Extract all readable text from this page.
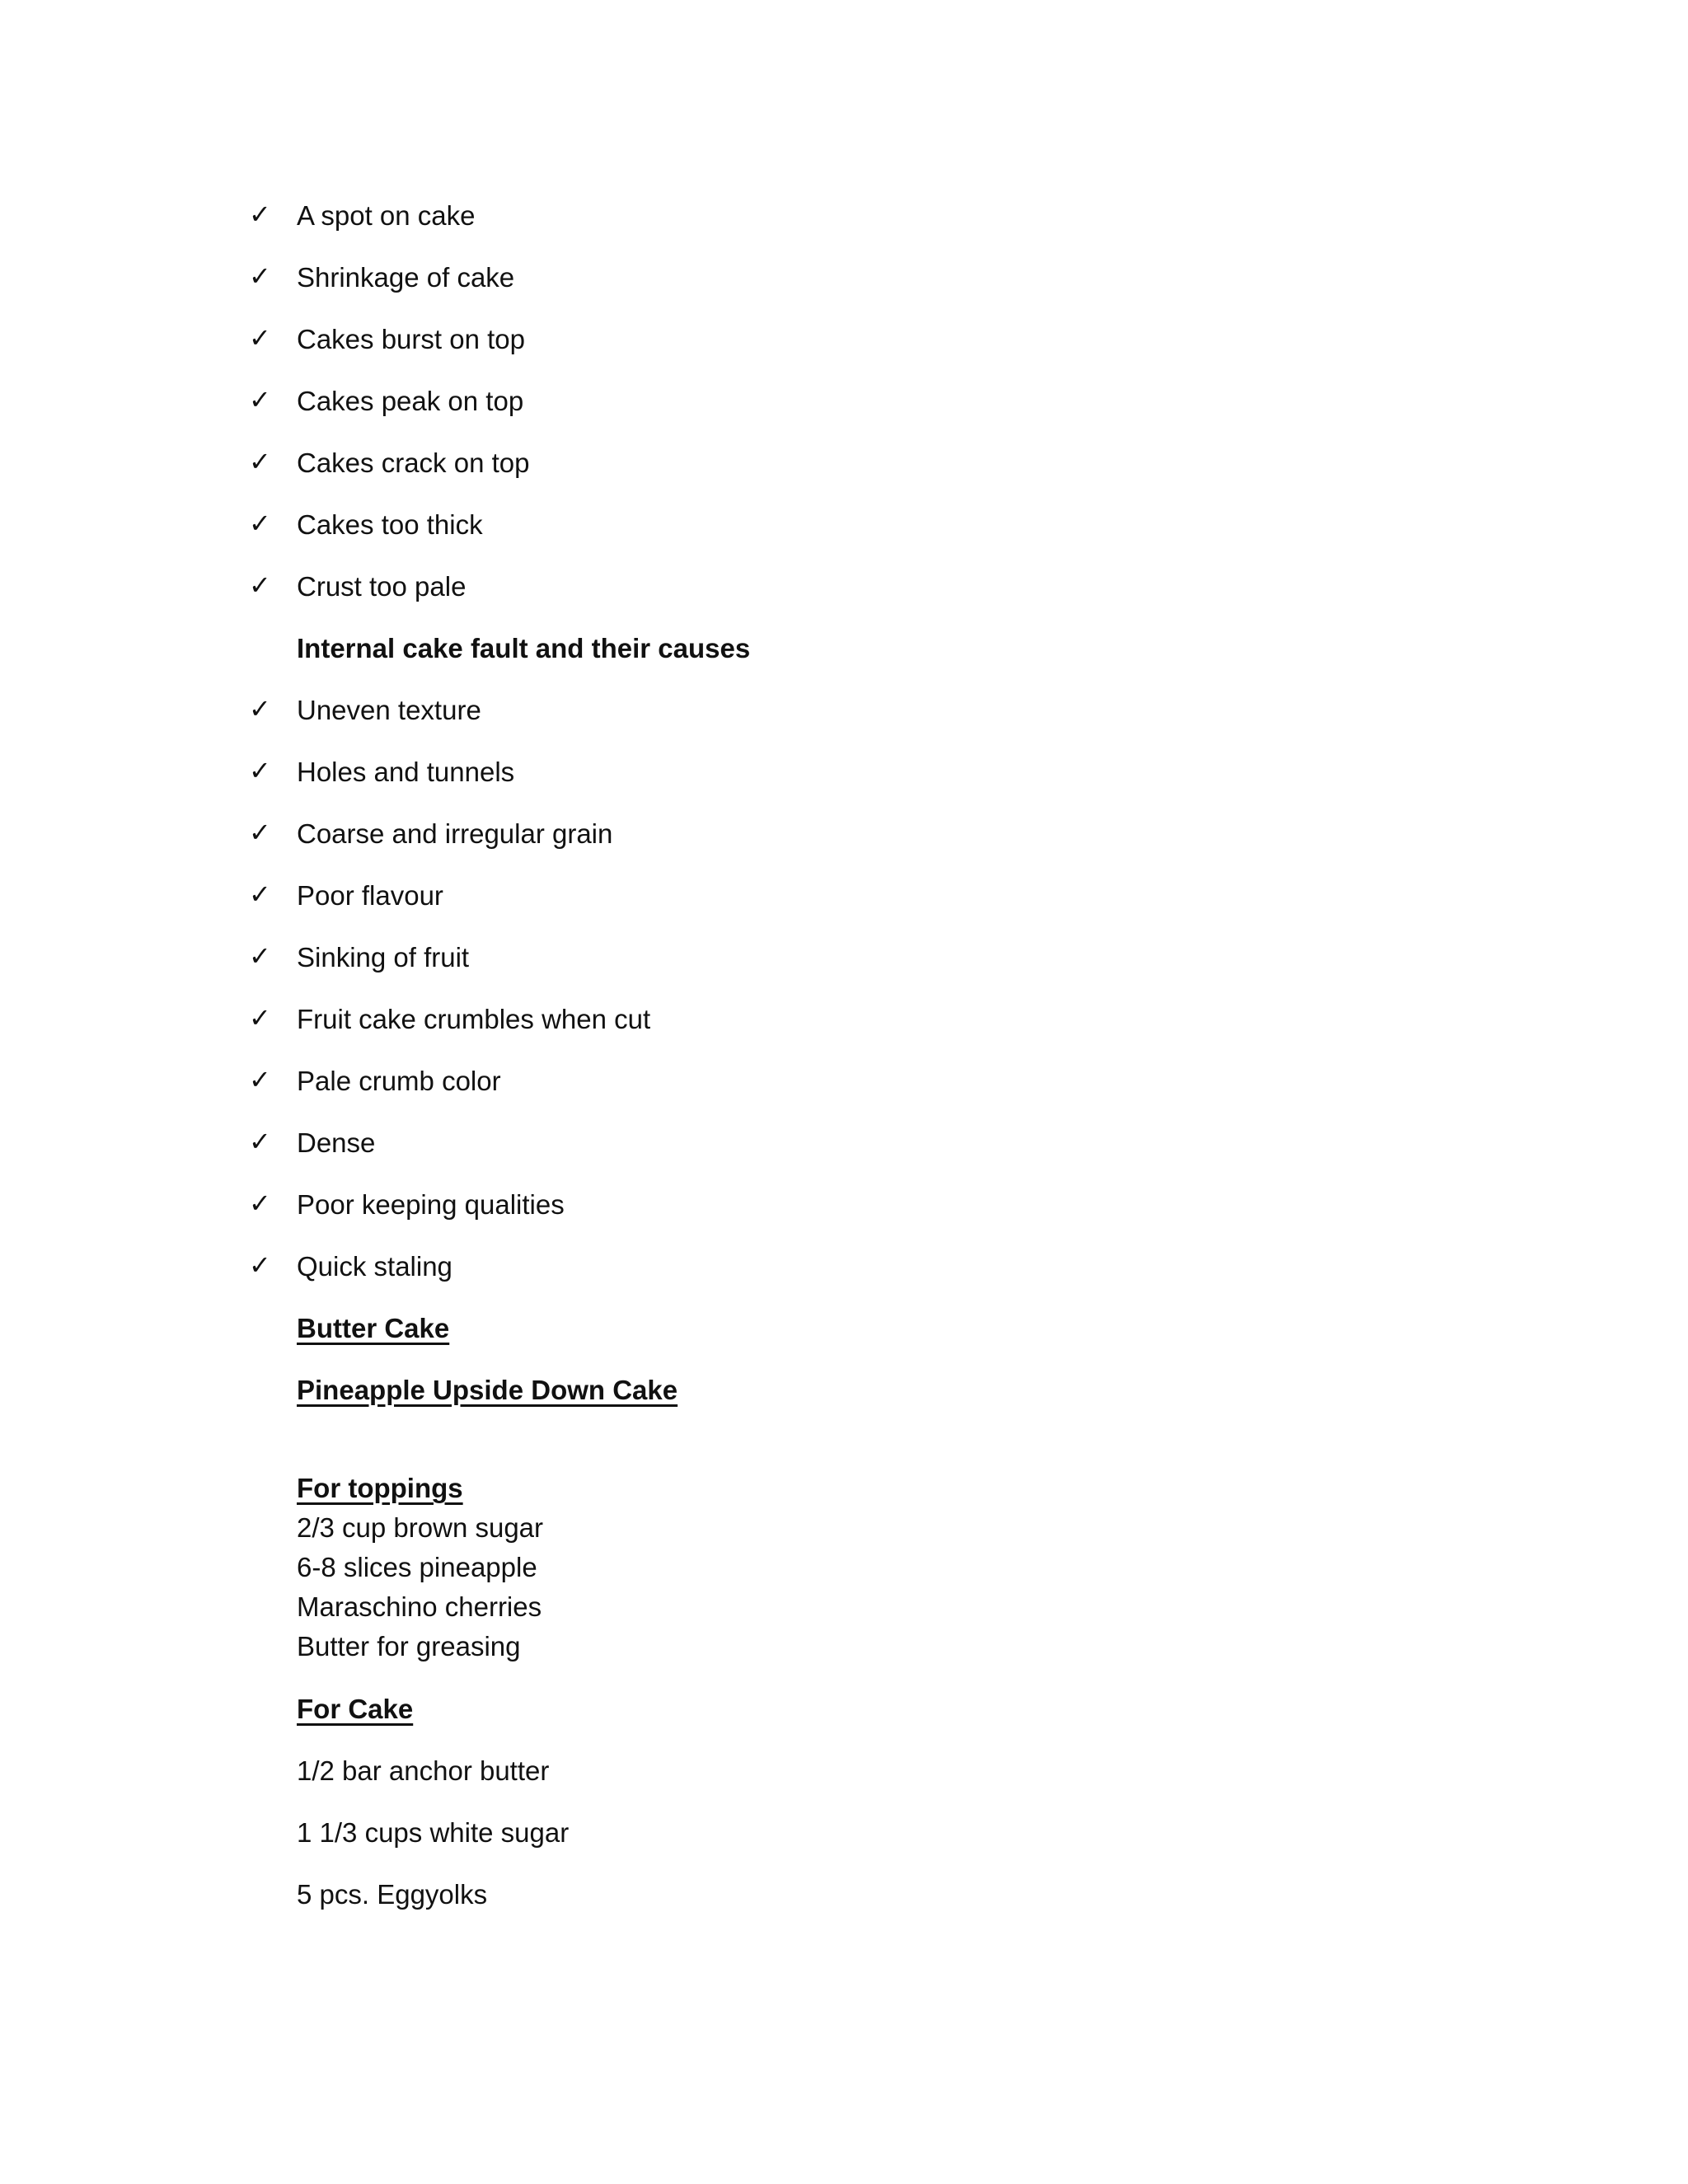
✓ A spot on cake
✓ Shrinkage of cake
✓ Cakes burst on top
✓ Cakes peak on top
✓ Cakes crack on top
✓ Cakes too thick
✓ Crust too pale
Internal cake fault and their causes
✓ Uneven texture
✓ Holes and tunnels
✓ Coarse and irregular grain
✓ Poor flavour
✓ Sinking of fruit
✓ Fruit cake crumbles when cut
✓ Pale crumb color
✓ Dense
✓ Poor keeping qualities
✓ Quick staling
Butter Cake
Pineapple Upside Down Cake
For toppings
2/3 cup brown sugar
6-8 slices pineapple
Maraschino cherries
Butter for greasing
For Cake
1/2 bar anchor butter
1 1/3 cups white sugar
5 pcs. Eggyolks
